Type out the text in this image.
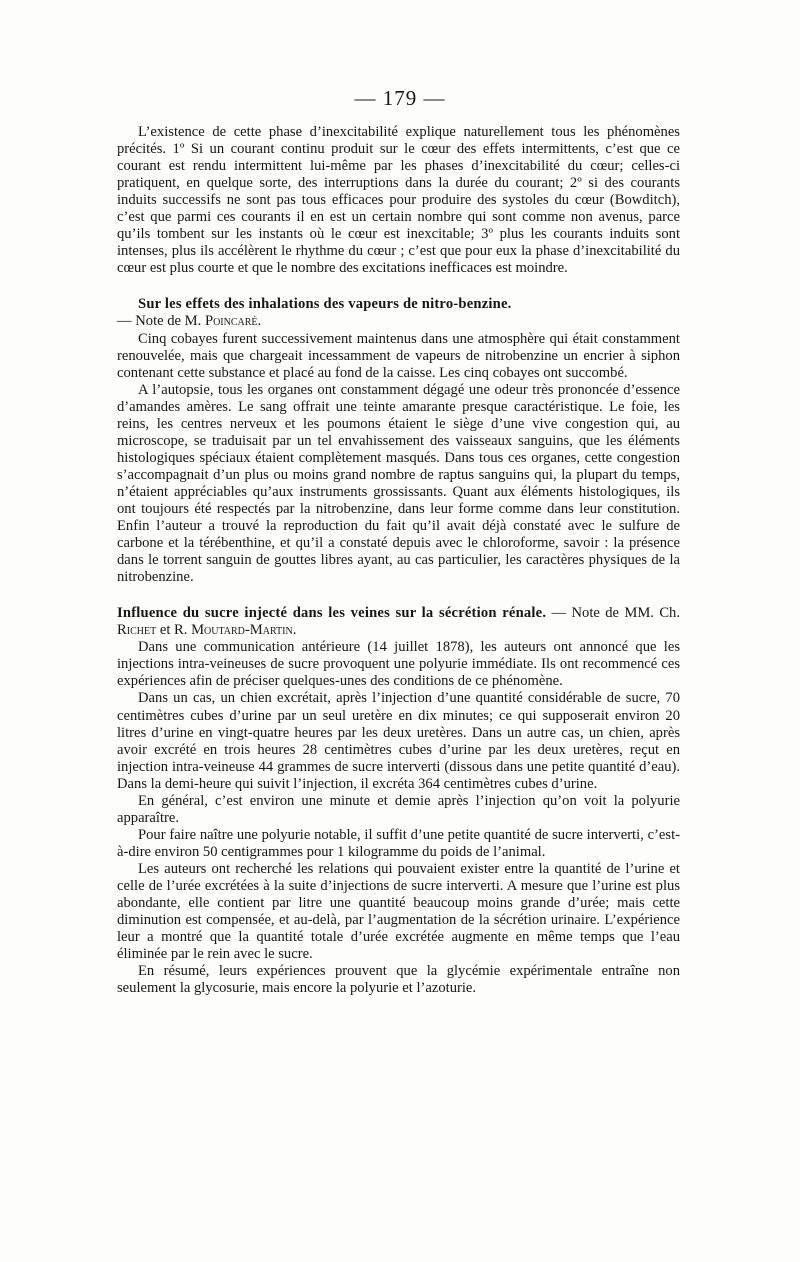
— 179 —

L’existence de cette phase d’inexcitabilité explique naturellement tous les phénomènes précités. 1º Si un courant continu produit sur le cœur des effets intermittents, c’est que ce courant est rendu intermittent lui-même par les phases d’inexcitabilité du cœur; celles-ci pratiquent, en quelque sorte, des interruptions dans la durée du courant; 2º si des courants induits successifs ne sont pas tous efficaces pour produire des systoles du cœur (Bowditch), c’est que parmi ces courants il en est un certain nombre qui sont comme non avenus, parce qu’ils tombent sur les instants où le cœur est inexcitable; 3º plus les courants induits sont intenses, plus ils accélèrent le rhythme du cœur ; c’est que pour eux la phase d’inexcitabilité du cœur est plus courte et que le nombre des excitations inefficaces est moindre.

Sur les effets des inhalations des vapeurs de nitro-benzine.
— Note de M. Poincaré.

Cinq cobayes furent successivement maintenus dans une atmosphère qui était constamment renouvelée, mais que chargeait incessamment de vapeurs de nitrobenzine un encrier à siphon contenant cette substance et placé au fond de la caisse. Les cinq cobayes ont succombé.

A l’autopsie, tous les organes ont constamment dégagé une odeur très prononcée d’essence d’amandes amères. Le sang offrait une teinte amarante presque caractéristique. Le foie, les reins, les centres nerveux et les poumons étaient le siège d’une vive congestion qui, au microscope, se traduisait par un tel envahissement des vaisseaux sanguins, que les éléments histologiques spéciaux étaient complètement masqués. Dans tous ces organes, cette congestion s’accompagnait d’un plus ou moins grand nombre de raptus sanguins qui, la plupart du temps, n’étaient appréciables qu’aux instruments grossissants. Quant aux éléments histologiques, ils ont toujours été respectés par la nitrobenzine, dans leur forme comme dans leur constitution. Enfin l’auteur a trouvé la reproduction du fait qu’il avait déjà constaté avec le sulfure de carbone et la térébenthine, et qu’il a constaté depuis avec le chloroforme, savoir : la présence dans le torrent sanguin de gouttes libres ayant, au cas particulier, les caractères physiques de la nitrobenzine.

Influence du sucre injecté dans les veines sur la sécrétion rénale. — Note de MM. Ch. Richet et R. Moutard-Martin.

Dans une communication antérieure (14 juillet 1878), les auteurs ont annoncé que les injections intra-veineuses de sucre provoquent une polyurie immédiate. Ils ont recommencé ces expériences afin de préciser quelques-unes des conditions de ce phénomène.

Dans un cas, un chien excrétait, après l’injection d’une quantité considérable de sucre, 70 centimètres cubes d’urine par un seul uretère en dix minutes; ce qui supposerait environ 20 litres d’urine en vingt-quatre heures par les deux uretères. Dans un autre cas, un chien, après avoir excrété en trois heures 28 centimètres cubes d’urine par les deux uretères, reçut en injection intra-veineuse 44 grammes de sucre interverti (dissous dans une petite quantité d’eau). Dans la demi-heure qui suivit l’injection, il excréta 364 centimètres cubes d’urine.

En général, c’est environ une minute et demie après l’injection qu’on voit la polyurie apparaître.

Pour faire naître une polyurie notable, il suffit d’une petite quantité de sucre interverti, c’est-à-dire environ 50 centigrammes pour 1 kilogramme du poids de l’animal.

Les auteurs ont recherché les relations qui pouvaient exister entre la quantité de l’urine et celle de l’urée excrétées à la suite d’injections de sucre interverti. A mesure que l’urine est plus abondante, elle contient par litre une quantité beaucoup moins grande d’urée; mais cette diminution est compensée, et au-delà, par l’augmentation de la sécrétion urinaire. L’expérience leur a montré que la quantité totale d’urée excrétée augmente en même temps que l’eau éliminée par le rein avec le sucre.

En résumé, leurs expériences prouvent que la glycémie expérimentale entraîne non seulement la glycosurie, mais encore la polyurie et l’azoturie.
